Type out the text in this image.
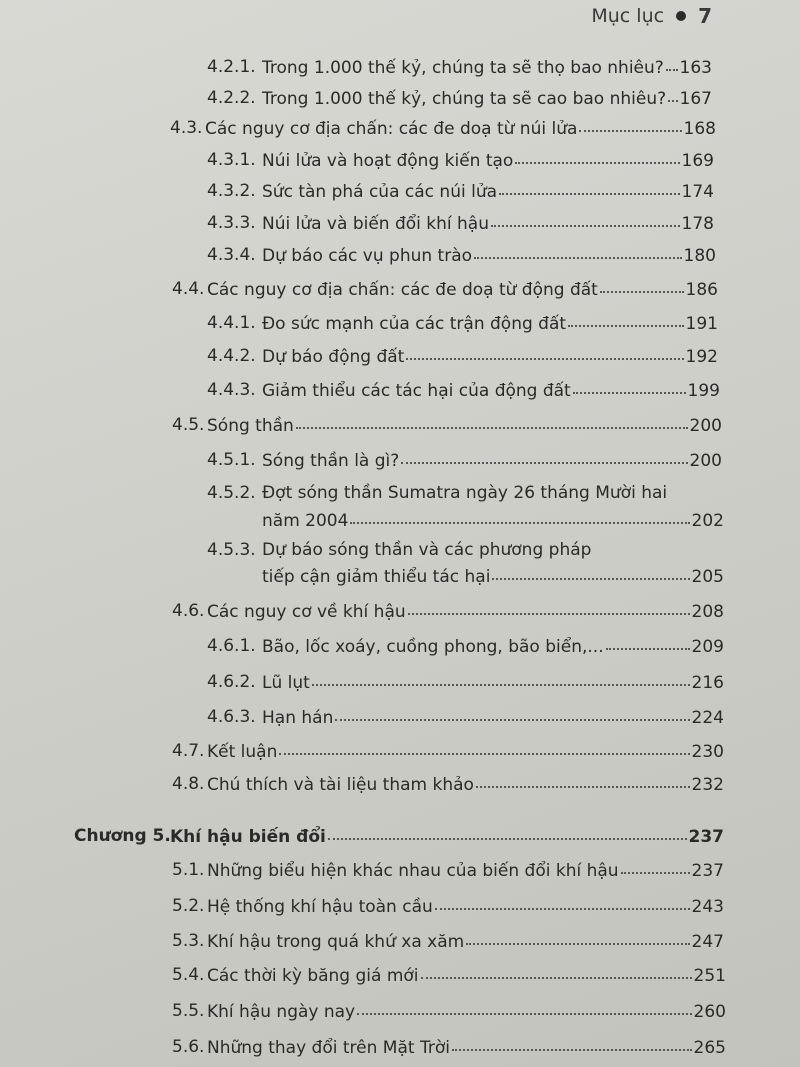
Mục lục 7
4.2.1. Trong 1.000 thế kỷ, chúng ta sẽ thọ bao nhiêu? 163
4.2.2. Trong 1.000 thế kỷ, chúng ta sẽ cao bao nhiêu? 167
4.3. Các nguy cơ địa chấn: các đe doạ từ núi lửa	168
4.3.1. Núi lửa và hoạt động kiến tạo	169
4.3.2. Sức tàn phá của các núi lửa	174
4.3.3. Núi lửa và biến đổi khí hậu	178
4.3.4. Dự báo các vụ phun trào	180
4.4. Các nguy cơ địa chấn: các đe doạ từ động đất	186
4.4.1. Đo sức mạnh của các trận động đất	191
4.4.2. Dự báo động đất	192
4.4.3. Giảm thiểu các tác hại của động đất	199
4.5. Sóng thần	200
4.5.1. Sóng thần là gì?	200
4.5.2. Đợt sóng thần Sumatra ngày 26 tháng Mười hai
năm 2004	202
4.5.3. Dự báo sóng thần và các phương pháp
tiếp cận giảm thiểu tác hại	205
4.6. Các nguy cơ về khí hậu	208
4.6.1. Bão, lốc xoáy, cuồng phong, bão biển,...	209
4.6.2. Lũ lụt	216
4.6.3. Hạn hán	224
4.7. Kết luận	230
4.8. Chú thích và tài liệu tham khảo	232
Chương 5. Khí hậu biến đổi	237
5.1. Những biểu hiện khác nhau của biến đổi khí hậu	237
5.2. Hệ thống khí hậu toàn cầu	243
5.3. Khí hậu trong quá khứ xa xăm	247
5.4. Các thời kỳ băng giá mới	251
5.5. Khí hậu ngày nay	260
5.6. Những thay đổi trên Mặt Trời	265
